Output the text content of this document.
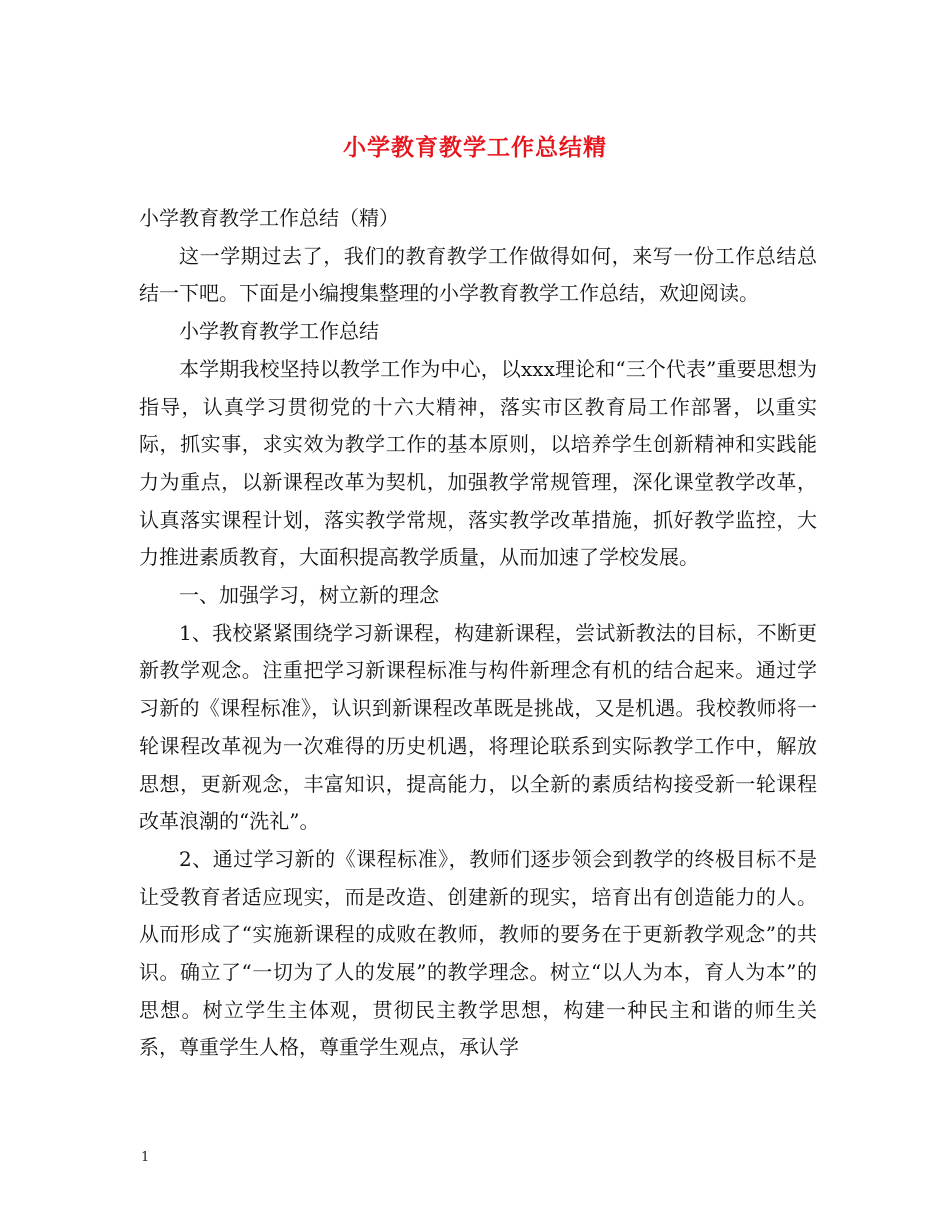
小学教育教学工作总结精

小学教育教学工作总结（精）

这一学期过去了，我们的教育教学工作做得如何，来写一份工作总结总结一下吧。下面是小编搜集整理的小学教育教学工作总结，欢迎阅读。

小学教育教学工作总结

本学期我校坚持以教学工作为中心，以xxx理论和“三个代表”重要思想为指导，认真学习贯彻党的十六大精神，落实市区教育局工作部署，以重实际，抓实事，求实效为教学工作的基本原则，以培养学生创新精神和实践能力为重点，以新课程改革为契机，加强教学常规管理，深化课堂教学改革，认真落实课程计划，落实教学常规，落实教学改革措施，抓好教学监控，大力推进素质教育，大面积提高教学质量，从而加速了学校发展。

一、加强学习，树立新的理念

1、我校紧紧围绕学习新课程，构建新课程，尝试新教法的目标，不断更新教学观念。注重把学习新课程标准与构件新理念有机的结合起来。通过学习新的《课程标准》，认识到新课程改革既是挑战，又是机遇。我校教师将一轮课程改革视为一次难得的历史机遇，将理论联系到实际教学工作中，解放思想，更新观念，丰富知识，提高能力，以全新的素质结构接受新一轮课程改革浪潮的“洗礼”。

2、通过学习新的《课程标准》，教师们逐步领会到教学的终极目标不是让受教育者适应现实，而是改造、创建新的现实，培育出有创造能力的人。从而形成了“实施新课程的成败在教师，教师的要务在于更新教学观念”的共识。确立了“一切为了人的发展”的教学理念。树立“以人为本，育人为本”的思想。树立学生主体观，贯彻民主教学思想，构建一种民主和谐的师生关系，尊重学生人格，尊重学生观点，承认学

1
